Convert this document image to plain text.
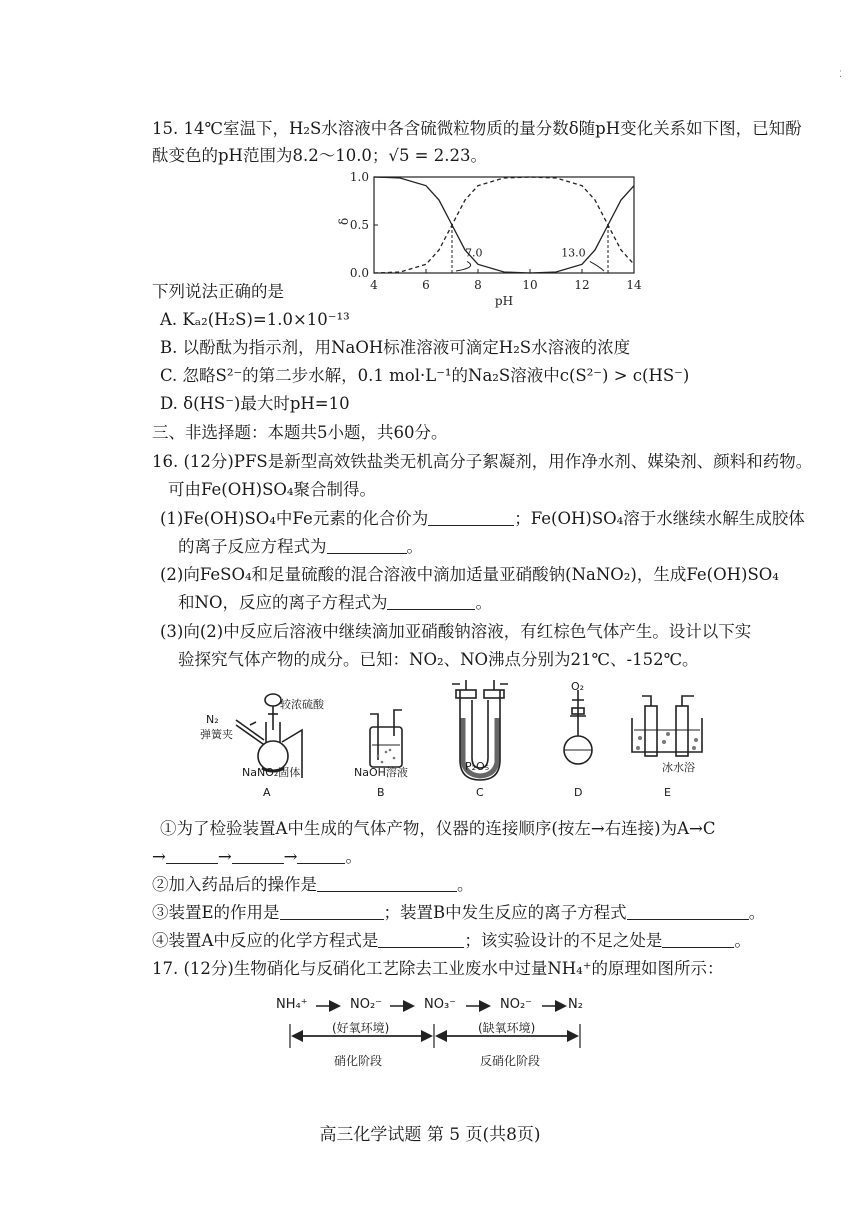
⁚
15. 14℃室温下，H₂S水溶液中各含硫微粒物质的量分数δ随pH变化关系如下图，已知酚
酞变色的pH范围为8.2～10.0；√5 = 2.23。
4	6	8	10	12	14
0.0
0.5
1.0
δ
pH
7.0	13.0
下列说法正确的是
A. Kₐ₂(H₂S)=1.0×10⁻¹³
B. 以酚酞为指示剂，用NaOH标准溶液可滴定H₂S水溶液的浓度
C. 忽略S²⁻的第二步水解，0.1 mol·L⁻¹的Na₂S溶液中c(S²⁻) > c(HS⁻)
D. δ(HS⁻)最大时pH=10
三、非选择题：本题共5小题，共60分。
16. (12分)PFS是新型高效铁盐类无机高分子絮凝剂，用作净水剂、媒染剂、颜料和药物。
可由Fe(OH)SO₄聚合制得。
(1)Fe(OH)SO₄中Fe元素的化合价为	；Fe(OH)SO₄溶于水继续水解生成胶体
的离子反应方程式为	。
(2)向FeSO₄和足量硫酸的混合溶液中滴加适量亚硝酸钠(NaNO₂)，生成Fe(OH)SO₄
和NO，反应的离子方程式为	。
(3)向(2)中反应后溶液中继续滴加亚硝酸钠溶液，有红棕色气体产生。设计以下实
验探究气体产物的成分。已知：NO₂、NO沸点分别为21℃、-152℃。
N₂
弹簧夹
较浓硫酸
NaNO₂固体	NaOH溶液	P₂O₅
O₂
冰水浴
A	B	C	D	E
①为了检验装置A中生成的气体产物，仪器的连接顺序(按左→右连接)为A→C
→	→	→	。
②加入药品后的操作是	。
③装置E的作用是	；装置B中发生反应的离子方程式	。
④装置A中反应的化学方程式是	；该实验设计的不足之处是	。
17. (12分)生物硝化与反硝化工艺除去工业废水中过量NH₄⁺的原理如图所示：
NH₄⁺	NO₂⁻	NO₃⁻	NO₂⁻	N₂
(好氧环境)	(缺氧环境)
硝化阶段	反硝化阶段
高三化学试题 第 5 页(共8页)
